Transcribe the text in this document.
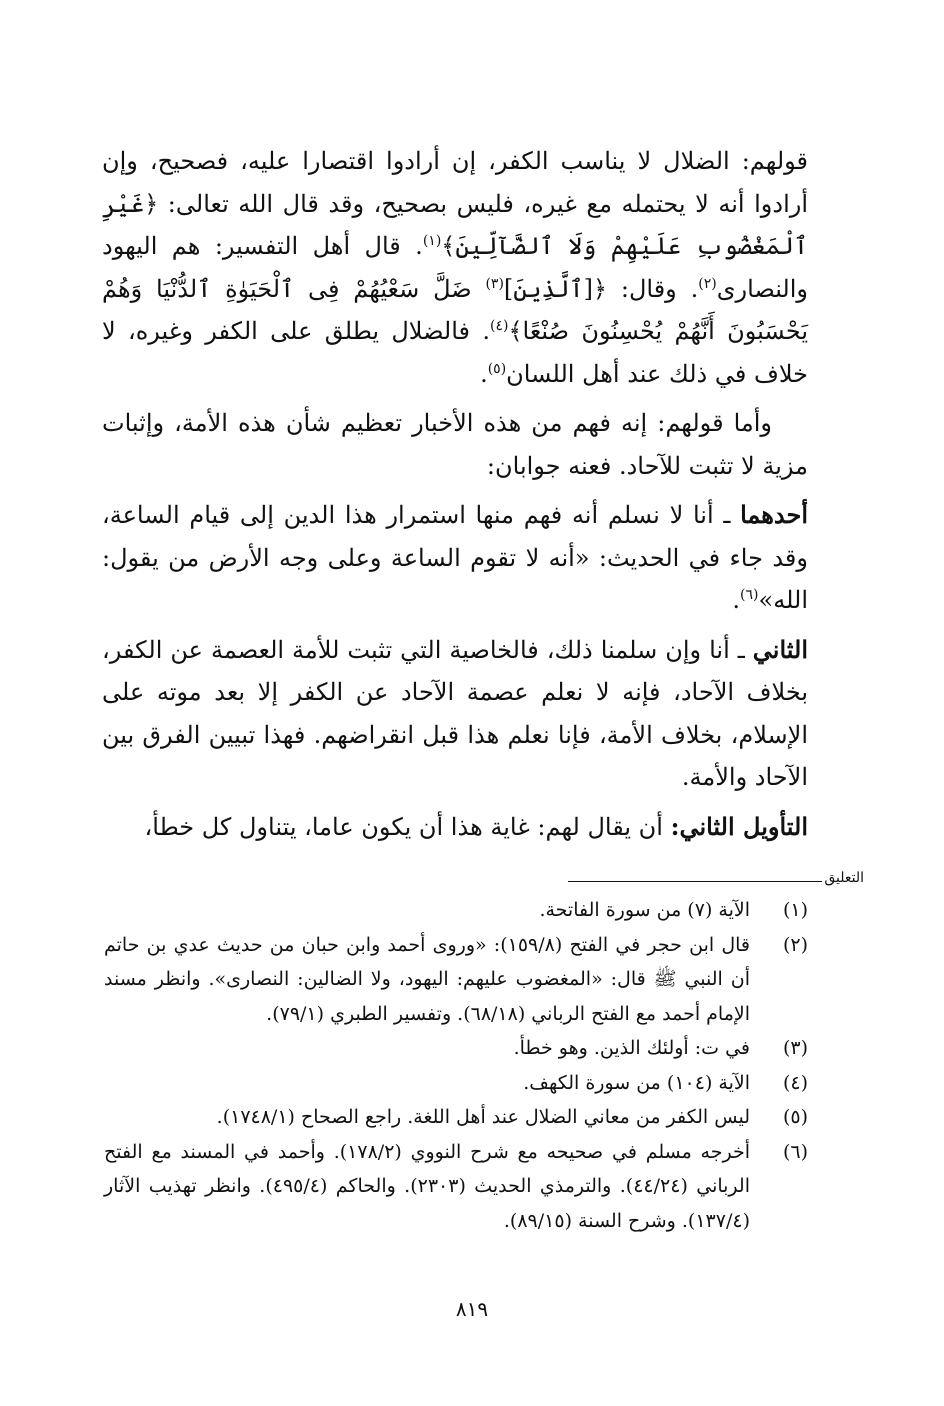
قولهم: الضلال لا يناسب الكفر، إن أرادوا اقتصارا عليه، فصحيح، وإن أرادوا أنه لا يحتمله مع غيره، فليس بصحيح، وقد قال الله تعالى: ﴿غَيْرِ ٱلْمَغْضُوبِ عَلَيْهِمْ وَلَا ٱلضَّآلِّينَ﴾$^{(١)}$. قال أهل التفسير: هم اليهود والنصارى$^{(٢)}$. وقال: ﴿[ٱلَّذِينَ]$^{(٣)}$ ضَلَّ سَعْيُهُمْ فِى ٱلْحَيَوٰةِ ٱلدُّنْيَا وَهُمْ يَحْسَبُونَ أَنَّهُمْ يُحْسِنُونَ صُنْعًا﴾$^{(٤)}$. فالضلال يطلق على الكفر وغيره، لا خلاف في ذلك عند أهل اللسان$^{(٥)}$.

وأما قولهم: إنه فهم من هذه الأخبار تعظيم شأن هذه الأمة، وإثبات مزية لا تثبت للآحاد. فعنه جوابان:

أحدهما ـ أنا لا نسلم أنه فهم منها استمرار هذا الدين إلى قيام الساعة، وقد جاء في الحديث: «أنه لا تقوم الساعة وعلى وجه الأرض من يقول: الله»$^{(٦)}$.

الثاني ـ أنا وإن سلمنا ذلك، فالخاصية التي تثبت للأمة العصمة عن الكفر، بخلاف الآحاد، فإنه لا نعلم عصمة الآحاد عن الكفر إلا بعد موته على الإسلام، بخلاف الأمة، فإنا نعلم هذا قبل انقراضهم. فهذا تبيين الفرق بين الآحاد والأمة.

التأويل الثاني: أن يقال لهم: غاية هذا أن يكون عاما، يتناول كل خطأ،

التعليق
(١)
الآية (٧) من سورة الفاتحة.
(٢)
قال ابن حجر في الفتح (١٥٩/٨): «وروى أحمد وابن حبان من حديث عدي بن حاتم أن النبي ﷺ قال: «المغضوب عليهم: اليهود، ولا الضالين: النصارى». وانظر مسند الإمام أحمد مع الفتح الرباني (٦٨/١٨). وتفسير الطبري (٧٩/١).
(٣)
في ت: أولئك الذين. وهو خطأ.
(٤)
الآية (١٠٤) من سورة الكهف.
(٥)
ليس الكفر من معاني الضلال عند أهل اللغة. راجع الصحاح (١٧٤٨/١).
(٦)
أخرجه مسلم في صحيحه مع شرح النووي (١٧٨/٢). وأحمد في المسند مع الفتح الرباني (٤٤/٢٤). والترمذي الحديث (٢٣٠٣). والحاكم (٤٩٥/٤). وانظر تهذيب الآثار (١٣٧/٤). وشرح السنة (٨٩/١٥).
٨١٩
